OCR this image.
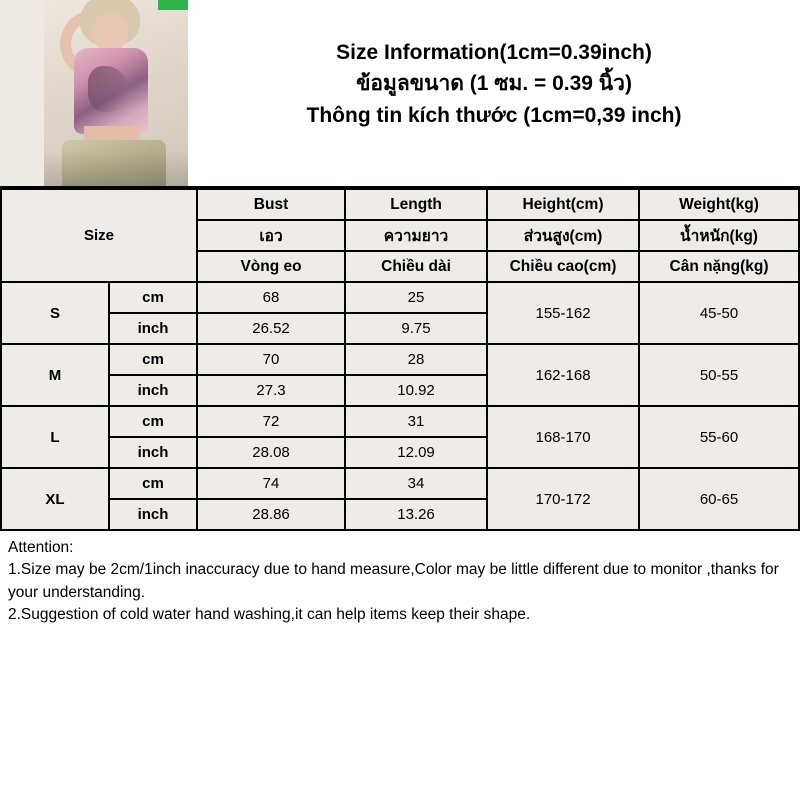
Size Information(1cm=0.39inch)
ข้อมูลขนาด (1 ซม. = 0.39 นิ้ว)
Thông tin kích thước (1cm=0,39 inch)
Size		Bust	Length	Height(cm)	Weight(kg)
		เอว	ความยาว	ส่วนสูง(cm)	น้ำหนัก(kg)
		Vòng eo	Chiều dài	Chiều cao(cm)	Cân nặng(kg)
S	cm	68	25	155-162	45-50
	inch	26.52	9.75		
M	cm	70	28	162-168	50-55
	inch	27.3	10.92		
L	cm	72	31	168-170	55-60
	inch	28.08	12.09		
XL	cm	74	34	170-172	60-65
	inch	28.86	13.26		

Attention:

1.Size may be 2cm/1inch inaccuracy due to hand measure,Color may be little different due to monitor ,thanks for your understanding.

2.Suggestion of cold water hand washing,it can help items keep their shape.
